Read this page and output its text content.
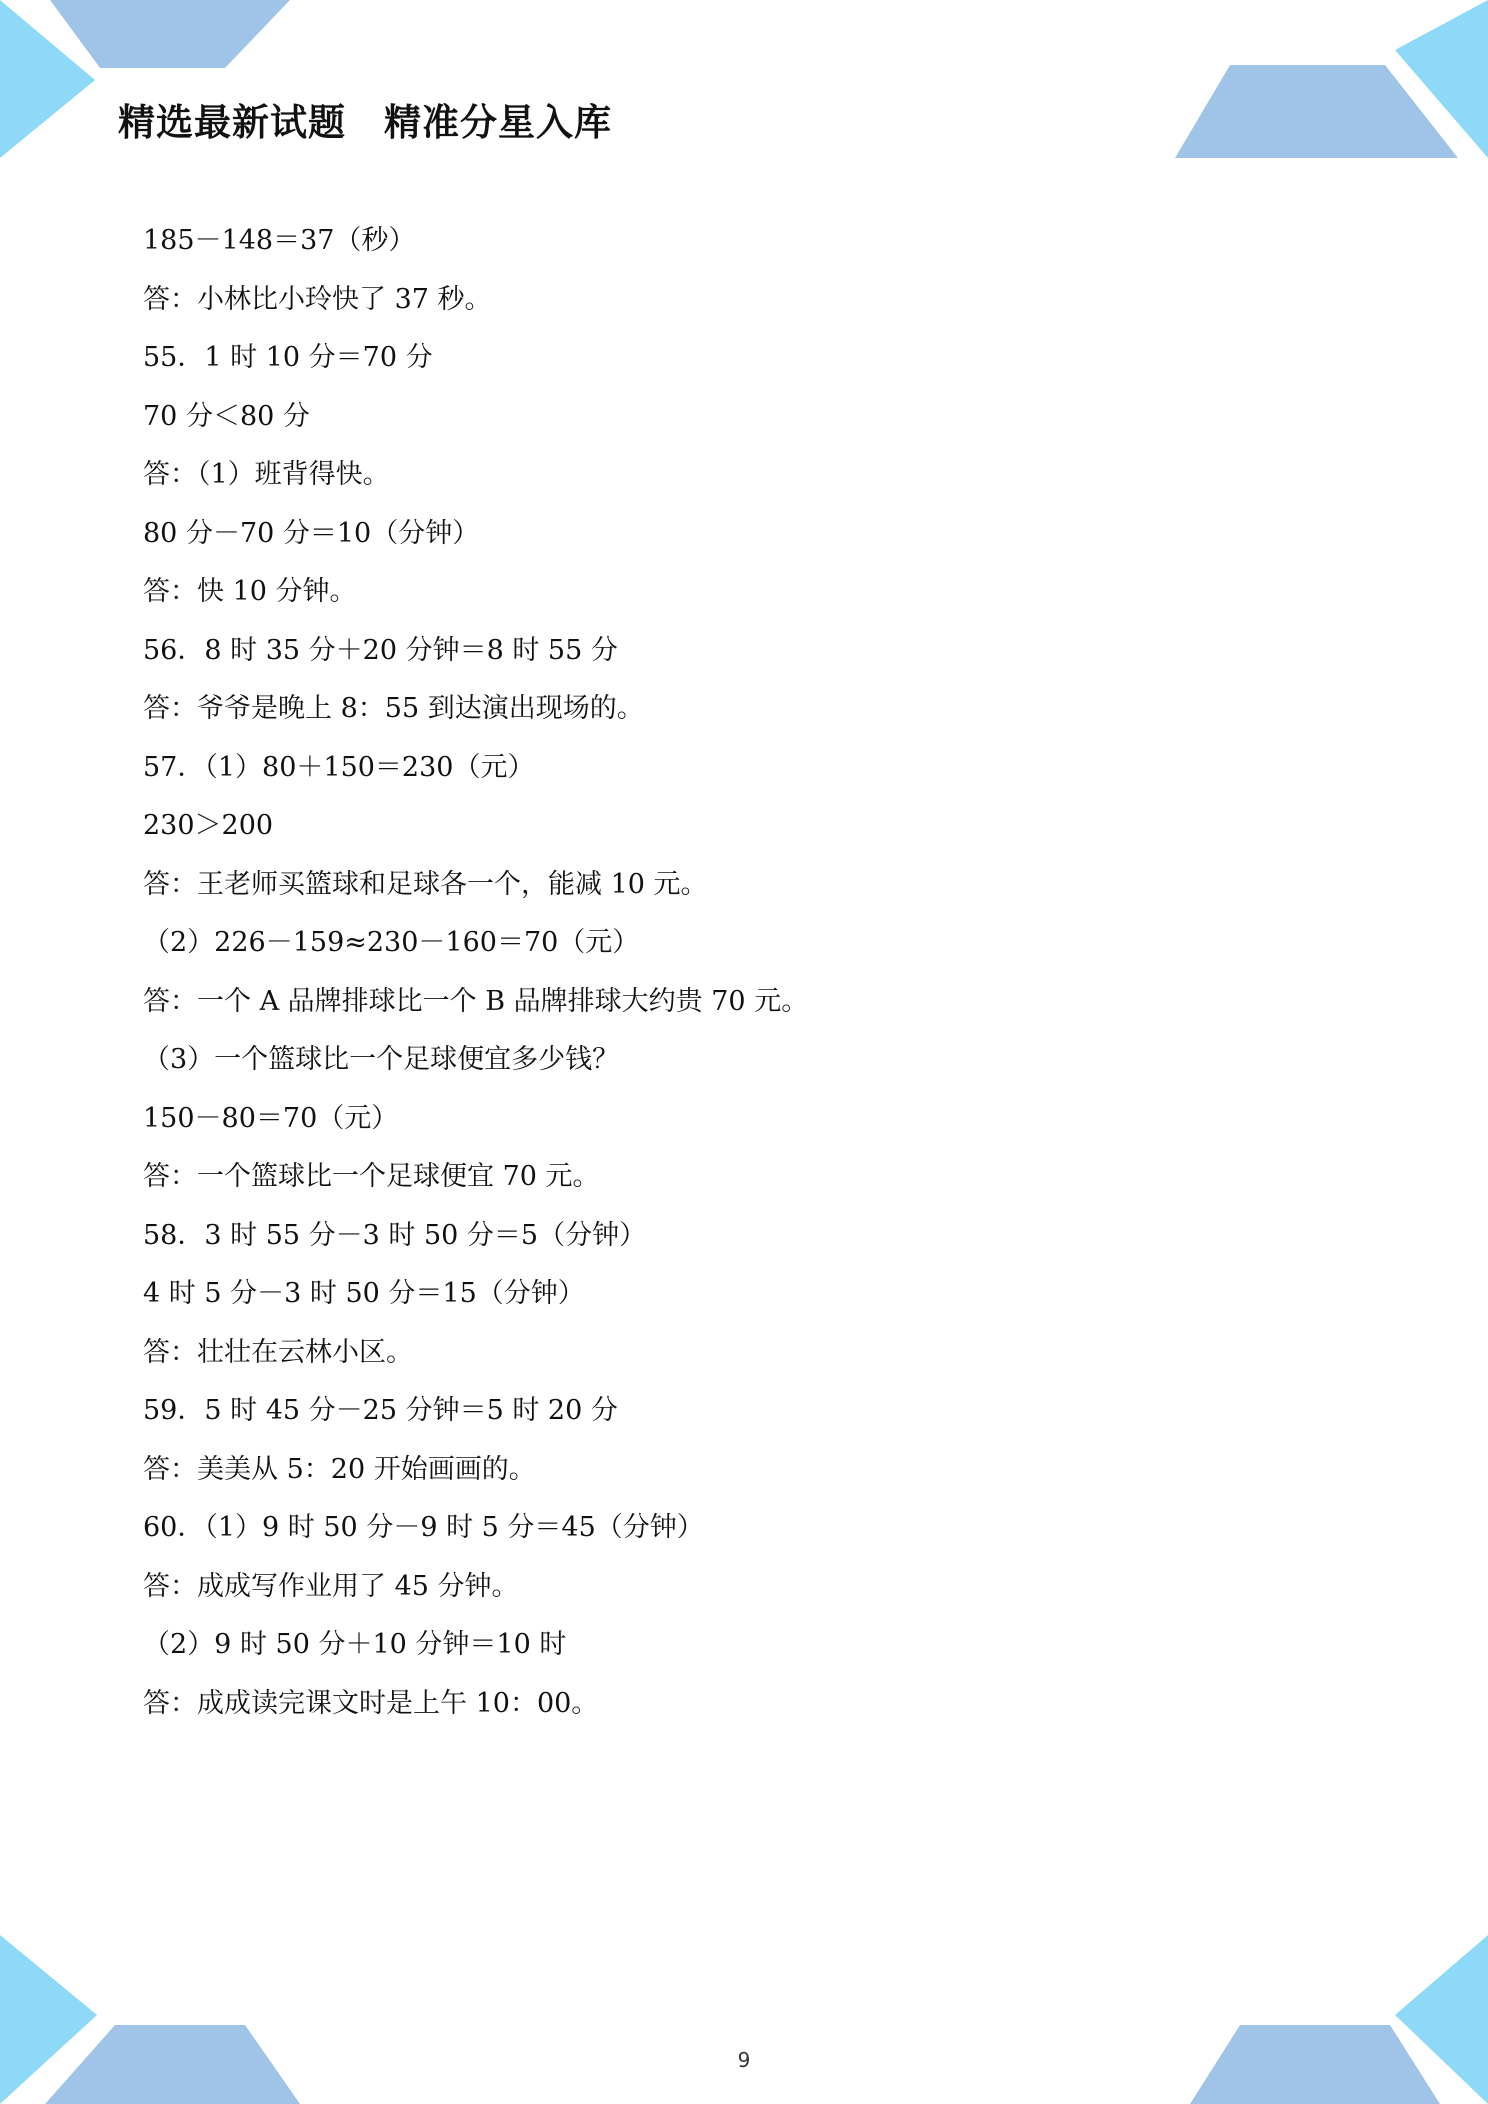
精选最新试题　精准分星入库
185－148＝37（秒）
答：小林比小玲快了 37 秒。
55．1 时 10 分＝70 分
70 分＜80 分
答：（1）班背得快。
80 分－70 分＝10（分钟）
答：快 10 分钟。
56．8 时 35 分＋20 分钟＝8 时 55 分
答：爷爷是晚上 8：55 到达演出现场的。
57．（1）80＋150＝230（元）
230＞200
答：王老师买篮球和足球各一个，能减 10 元。
（2）226－159≈230－160＝70（元）
答：一个 A 品牌排球比一个 B 品牌排球大约贵 70 元。
（3）一个篮球比一个足球便宜多少钱？
150－80＝70（元）
答：一个篮球比一个足球便宜 70 元。
58．3 时 55 分－3 时 50 分＝5（分钟）
4 时 5 分－3 时 50 分＝15（分钟）
答：壮壮在云林小区。
59．5 时 45 分－25 分钟＝5 时 20 分
答：美美从 5：20 开始画画的。
60．（1）9 时 50 分－9 时 5 分＝45（分钟）
答：成成写作业用了 45 分钟。
（2）9 时 50 分＋10 分钟＝10 时
答：成成读完课文时是上午 10：00。
9
